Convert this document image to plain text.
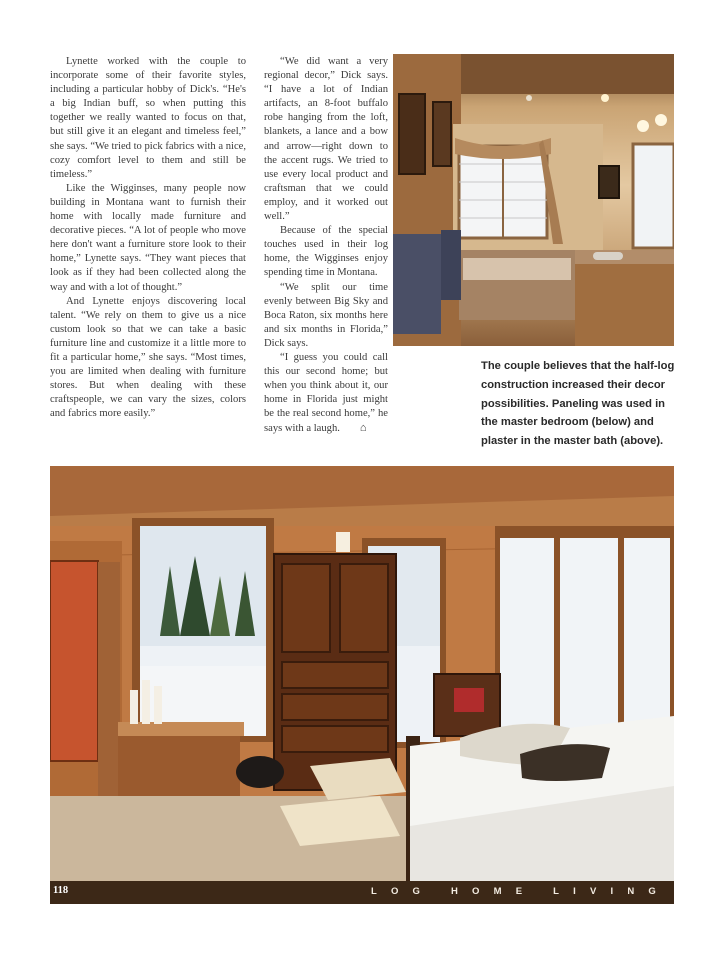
Lynette worked with the couple to incorporate some of their favorite styles, including a particular hobby of Dick's. “He's a big Indian buff, so when putting this together we really wanted to focus on that, but still give it an elegant and timeless feel,” she says. “We tried to pick fabrics with a nice, cozy comfort level to them and still be timeless.”

Like the Wigginses, many people now building in Montana want to furnish their home with locally made furniture and decorative pieces. “A lot of people who move here don't want a furniture store look to their home,” Lynette says. “They want pieces that look as if they had been collected along the way and with a lot of thought.”

And Lynette enjoys discovering local talent. “We rely on them to give us a nice custom look so that we can take a basic furniture line and customize it a little more to fit a particular home,” she says. “Most times, you are limited when dealing with furniture stores. But when dealing with these craftspeople, we can vary the sizes, colors and fabrics more easily.”

“We did want a very regional decor,” Dick says. “I have a lot of Indian artifacts, an 8-foot buffalo robe hanging from the loft, blankets, a lance and a bow and arrow—right down to the accent rugs. We tried to use every local product and craftsman that we could employ, and it worked out well.”

Because of the special touches used in their log home, the Wigginses enjoy spending time in Montana.

“We split our time evenly between Big Sky and Boca Raton, six months here and six months in Florida,” Dick says.

“I guess you could call this our second home; but when you think about it, our home in Florida just might be the real second home,” he says with a laugh. ⌂

The couple believes that the half-log construction increased their decor possibilities. Paneling was used in the master bedroom (below) and plaster in the master bath (above).
118	LOG HOME LIVING
